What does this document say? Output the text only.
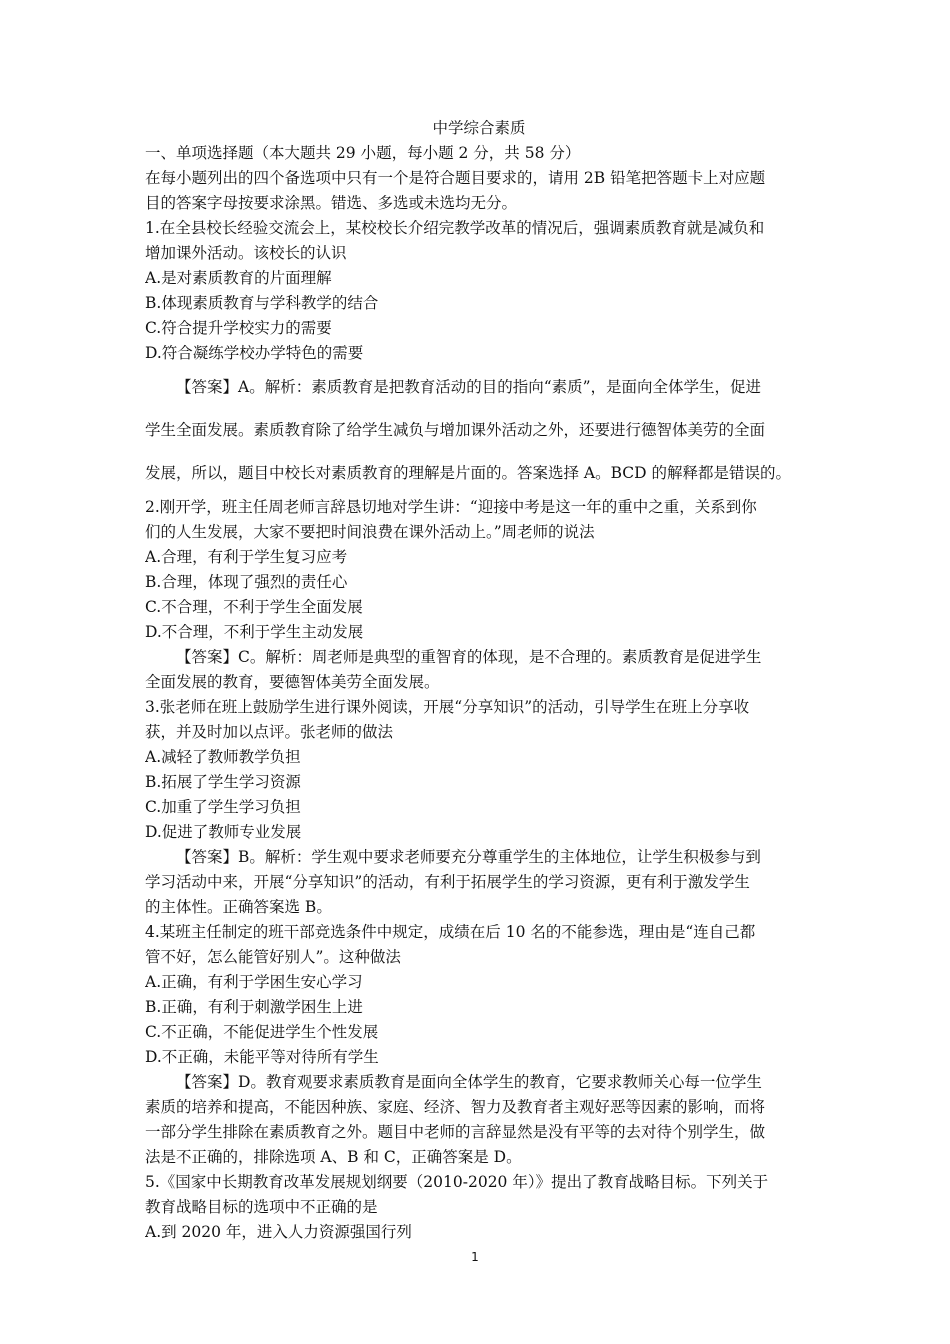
中学综合素质
一、单项选择题（本大题共 29 小题，每小题 2 分，共 58 分）
在每小题列出的四个备选项中只有一个是符合题目要求的，请用 2B 铅笔把答题卡上对应题
目的答案字母按要求涂黑。错选、多选或未选均无分。
1.在全县校长经验交流会上，某校校长介绍完教学改革的情况后，强调素质教育就是减负和
增加课外活动。该校长的认识
A.是对素质教育的片面理解
B.体现素质教育与学科教学的结合
C.符合提升学校实力的需要
D.符合凝练学校办学特色的需要
【答案】A。解析：素质教育是把教育活动的目的指向“素质”，是面向全体学生，促进
学生全面发展。素质教育除了给学生减负与增加课外活动之外，还要进行德智体美劳的全面
发展，所以，题目中校长对素质教育的理解是片面的。答案选择 A。BCD 的解释都是错误的。
2.刚开学，班主任周老师言辞恳切地对学生讲：“迎接中考是这一年的重中之重，关系到你
们的人生发展，大家不要把时间浪费在课外活动上。”周老师的说法
A.合理，有利于学生复习应考
B.合理，体现了强烈的责任心
C.不合理，不利于学生全面发展
D.不合理，不利于学生主动发展
【答案】C。解析：周老师是典型的重智育的体现，是不合理的。素质教育是促进学生
全面发展的教育，要德智体美劳全面发展。
3.张老师在班上鼓励学生进行课外阅读，开展“分享知识”的活动，引导学生在班上分享收
获，并及时加以点评。张老师的做法
A.减轻了教师教学负担
B.拓展了学生学习资源
C.加重了学生学习负担
D.促进了教师专业发展
【答案】B。解析：学生观中要求老师要充分尊重学生的主体地位，让学生积极参与到
学习活动中来，开展“分享知识”的活动，有利于拓展学生的学习资源，更有利于激发学生
的主体性。正确答案选 B。
4.某班主任制定的班干部竞选条件中规定，成绩在后 10 名的不能参选，理由是“连自己都
管不好，怎么能管好别人”。这种做法
A.正确，有利于学困生安心学习
B.正确，有利于刺激学困生上进
C.不正确，不能促进学生个性发展
D.不正确，未能平等对待所有学生
【答案】D。教育观要求素质教育是面向全体学生的教育，它要求教师关心每一位学生
素质的培养和提高，不能因种族、家庭、经济、智力及教育者主观好恶等因素的影响，而将
一部分学生排除在素质教育之外。题目中老师的言辞显然是没有平等的去对待个别学生，做
法是不正确的，排除选项 A、B 和 C，正确答案是 D。
5.《国家中长期教育改革发展规划纲要（2010-2020 年）》提出了教育战略目标。下列关于
教育战略目标的选项中不正确的是
A.到 2020 年，进入人力资源强国行列
1
